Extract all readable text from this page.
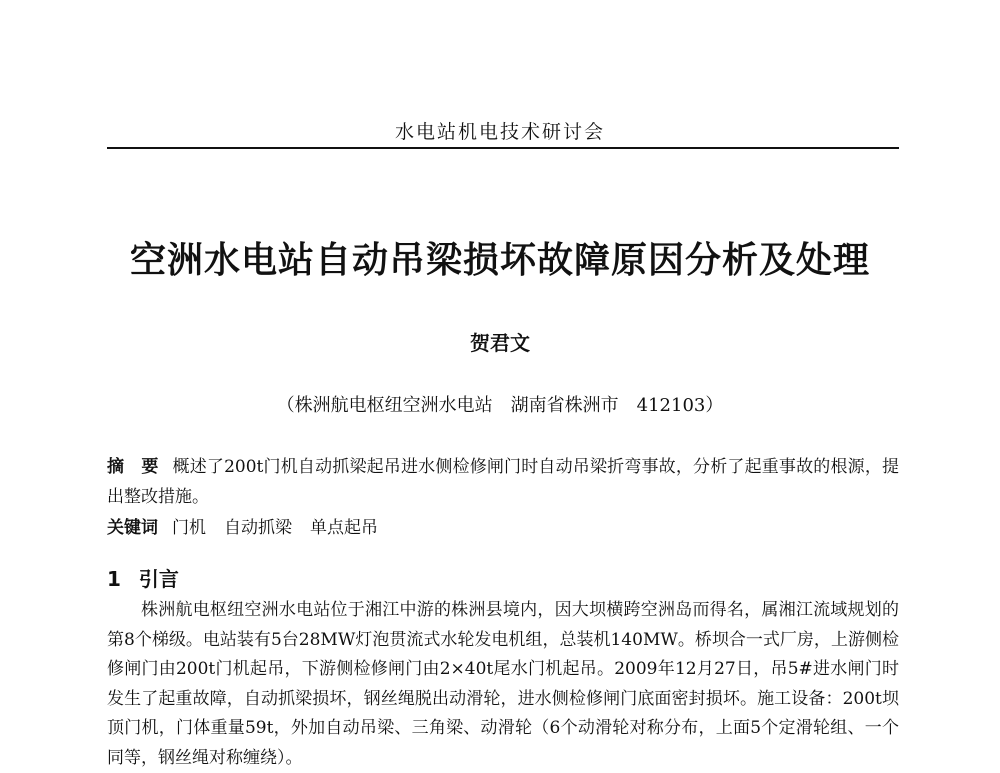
水电站机电技术研讨会
空洲水电站自动吊梁损坏故障原因分析及处理
贺君文
（株洲航电枢纽空洲水电站　湖南省株洲市　412103）
摘　要 概述了200t门机自动抓梁起吊进水侧检修闸门时自动吊梁折弯事故，分析了起重事故的根源，提出整改措施。
关键词 门机 自动抓梁 单点起吊
1 引言
株洲航电枢纽空洲水电站位于湘江中游的株洲县境内，因大坝横跨空洲岛而得名，属湘江流域规划的第8个梯级。电站装有5台28MW灯泡贯流式水轮发电机组，总装机140MW。桥坝合一式厂房，上游侧检修闸门由200t门机起吊，下游侧检修闸门由2×40t尾水门机起吊。2009年12月27日，吊5#进水闸门时发生了起重故障，自动抓梁损坏，钢丝绳脱出动滑轮，进水侧检修闸门底面密封损坏。施工设备：200t坝顶门机，门体重量59t，外加自动吊梁、三角梁、动滑轮（6个动滑轮对称分布，上面5个定滑轮组、一个同等，钢丝绳对称缠绕）。
